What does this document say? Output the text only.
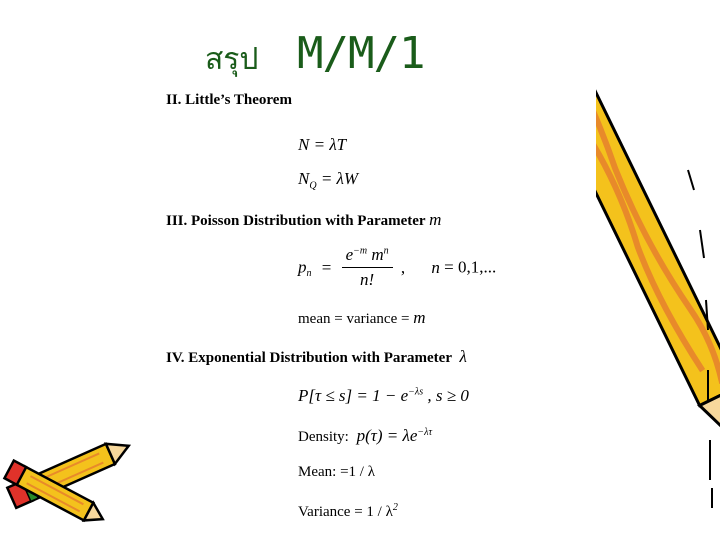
สรุป M/M/1
II. Little’s Theorem
N = λT
$N_Q = \lambda W$
III. Poisson Distribution with Parameter m
$p_n = \frac{e^{-m} m^n}{n!}$ , n = 0,1,...
mean = variance = m
IV. Exponential Distribution with Parameter λ
$P[\tau \le s] = 1 - e^{-\lambda s}$ , s ≥ 0
Density: $p(\tau) = \lambda e^{-\lambda\tau}$
Mean: =1 / λ
Variance = $1 / \lambda^2$
